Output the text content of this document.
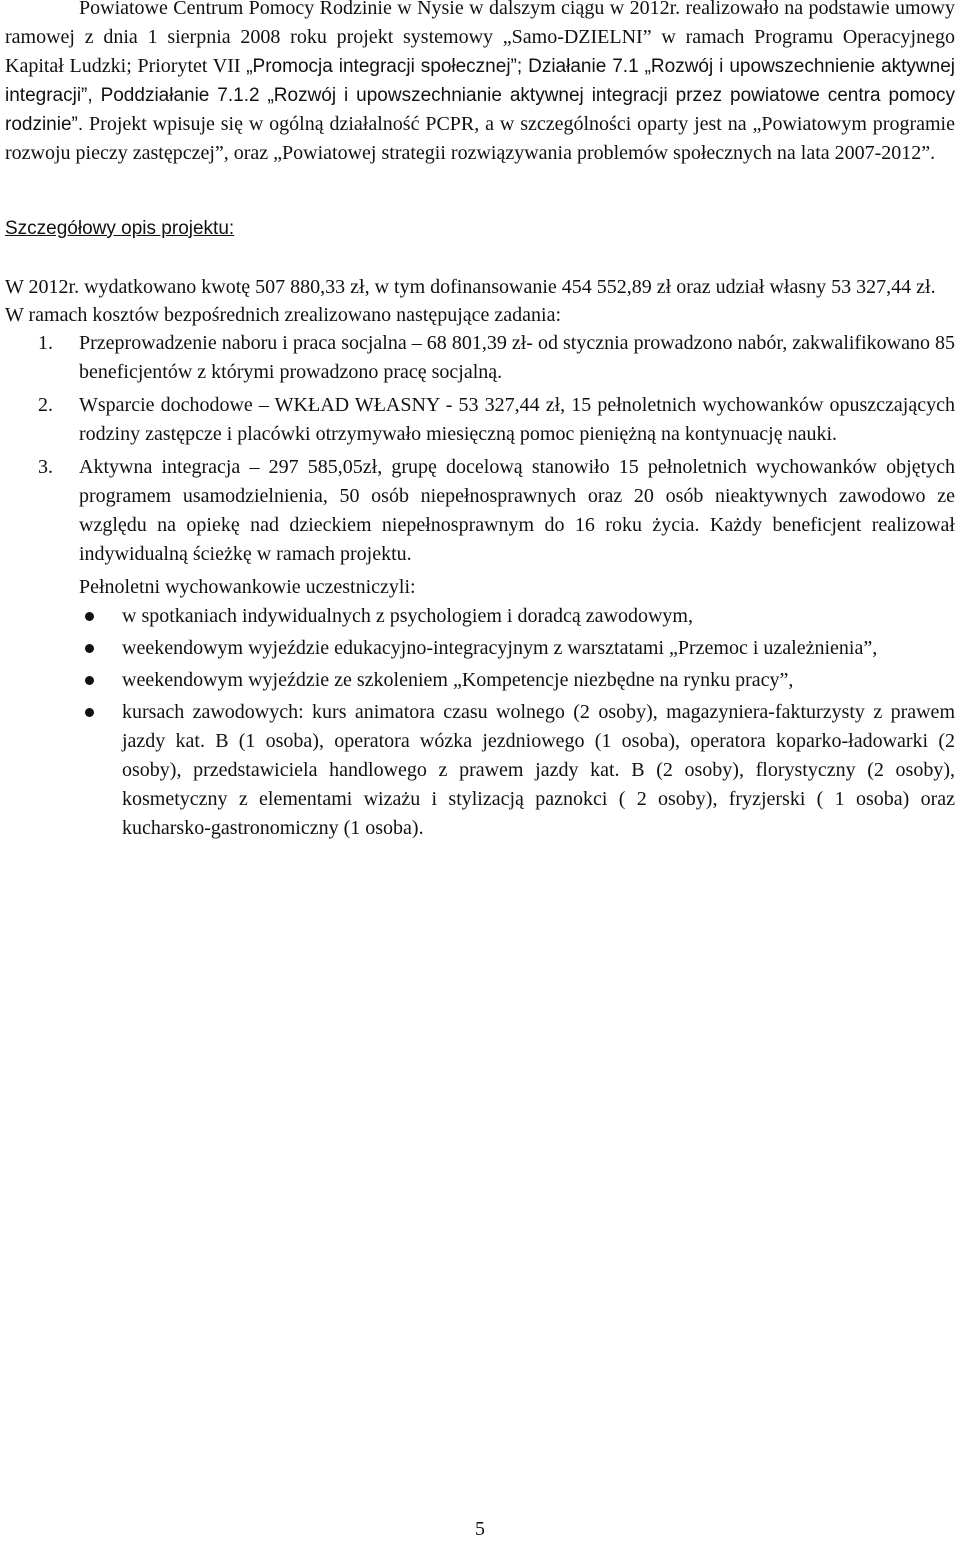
Powiatowe Centrum Pomocy Rodzinie w Nysie w dalszym ciągu w 2012r. realizowało na podstawie umowy ramowej z dnia 1 sierpnia 2008 roku projekt systemowy „Samo-DZIELNI” w ramach Programu Operacyjnego Kapitał Ludzki; Priorytet VII „Promocja integracji społecznej”; Działanie 7.1 „Rozwój i upowszechnienie aktywnej integracji”, Poddziałanie 7.1.2 „Rozwój i upowszechnianie aktywnej integracji przez powiatowe centra pomocy rodzinie”. Projekt wpisuje się w ogólną działalność PCPR, a w szczególności oparty jest na „Powiatowym programie rozwoju pieczy zastępczej”, oraz „Powiatowej strategii rozwiązywania problemów społecznych na lata 2007-2012”.

Szczegółowy opis projektu:

W 2012r. wydatkowano kwotę 507 880,33 zł, w tym dofinansowanie 454 552,89 zł oraz udział własny 53 327,44 zł.

W ramach kosztów bezpośrednich zrealizowano następujące zadania:

1. Przeprowadzenie naboru i praca socjalna – 68 801,39 zł- od stycznia prowadzono nabór, zakwalifikowano 85 beneficjentów z którymi prowadzono pracę socjalną.
2. Wsparcie dochodowe – WKŁAD WŁASNY - 53 327,44 zł, 15 pełnoletnich wychowanków opuszczających rodziny zastępcze i placówki otrzymywało miesięczną pomoc pieniężną na kontynuację nauki.
3. Aktywna integracja – 297 585,05zł, grupę docelową stanowiło 15 pełnoletnich wychowanków objętych programem usamodzielnienia, 50 osób niepełnosprawnych oraz 20 osób nieaktywnych zawodowo ze względu na opiekę nad dzieckiem niepełnosprawnym do 16 roku życia. Każdy beneficjent realizował indywidualną ścieżkę w ramach projektu.

Pełnoletni wychowankowie uczestniczyli:

w spotkaniach indywidualnych z psychologiem i doradcą zawodowym,
weekendowym wyjeździe edukacyjno-integracyjnym z warsztatami „Przemoc i uzależnienia”,
weekendowym wyjeździe ze szkoleniem „Kompetencje niezbędne na rynku pracy”,
kursach zawodowych: kurs animatora czasu wolnego (2 osoby), magazyniera-fakturzysty z prawem jazdy kat. B (1 osoba), operatora wózka jezdniowego (1 osoba), operatora koparko-ładowarki (2 osoby), przedstawiciela handlowego z prawem jazdy kat. B (2 osoby), florystyczny (2 osoby), kosmetyczny z elementami wizażu i stylizacją paznokci ( 2 osoby), fryzjerski ( 1 osoba) oraz kucharsko-gastronomiczny (1 osoba).
5
